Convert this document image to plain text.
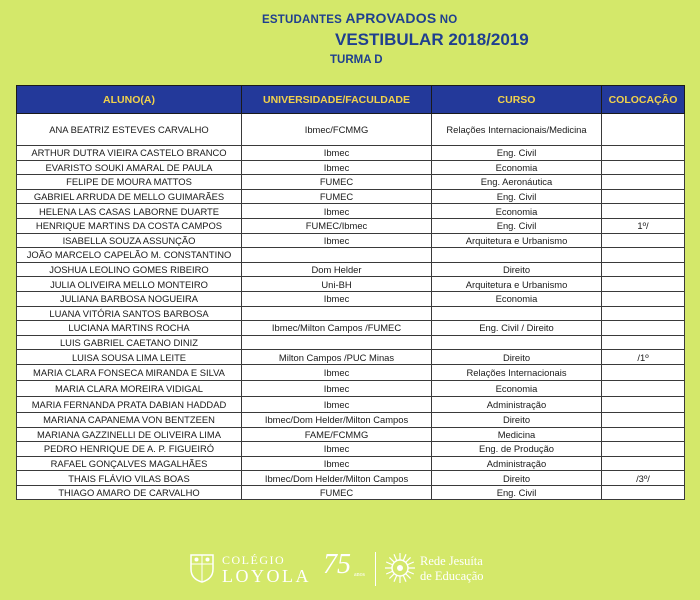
ESTUDANTES APROVADOS NO
VESTIBULAR 2018/2019
TURMA D
ALUNO(A)	UNIVERSIDADE/FACULDADE	CURSO	COLOCAÇÃO
ANA BEATRIZ ESTEVES CARVALHO	Ibmec/FCMMG	Relações Internacionais/Medicina	
ARTHUR DUTRA VIEIRA CASTELO BRANCO	Ibmec	Eng. Civil	
EVARISTO SOUKI AMARAL DE PAULA	Ibmec	Economia	
FELIPE DE MOURA MATTOS	FUMEC	Eng. Aeronáutica	
GABRIEL ARRUDA DE MELLO GUIMARÃES	FUMEC	Eng. Civil	
HELENA LAS CASAS LABORNE DUARTE	Ibmec	Economia	
HENRIQUE MARTINS DA COSTA CAMPOS	FUMEC/Ibmec	Eng. Civil	1º/
ISABELLA SOUZA ASSUNÇÃO	Ibmec	Arquitetura e Urbanismo	
JOÃO MARCELO CAPELÃO M. CONSTANTINO			
JOSHUA LEOLINO GOMES RIBEIRO	Dom Helder	Direito	
JULIA OLIVEIRA MELLO MONTEIRO	Uni-BH	Arquitetura e Urbanismo	
JULIANA BARBOSA NOGUEIRA	Ibmec	Economia	
LUANA VITÓRIA SANTOS BARBOSA			
LUCIANA MARTINS ROCHA	Ibmec/Milton Campos /FUMEC	Eng. Civil / Direito	
LUIS GABRIEL CAETANO DINIZ			
LUISA SOUSA LIMA LEITE	Milton Campos /PUC Minas	Direito	/1º
MARIA CLARA FONSECA MIRANDA E SILVA	Ibmec	Relações Internacionais	
MARIA CLARA MOREIRA VIDIGAL	Ibmec	Economia	
MARIA FERNANDA PRATA DABIAN HADDAD	Ibmec	Administração	
MARIANA CAPANEMA VON BENTZEEN	Ibmec/Dom Helder/Milton Campos	Direito	
MARIANA GAZZINELLI DE OLIVEIRA LIMA	FAME/FCMMG	Medicina	
PEDRO HENRIQUE DE A. P. FIGUEIRÓ	Ibmec	Eng. de Produção	
RAFAEL GONÇALVES MAGALHÃES	Ibmec	Administração	
THAIS FLÁVIO VILAS BOAS	Ibmec/Dom Helder/Milton Campos	Direito	/3º/
THIAGO AMARO DE CARVALHO	FUMEC	Eng. Civil	
COLÉGIO
LOYOLA 75 anos
Rede Jesuíta
de Educação
